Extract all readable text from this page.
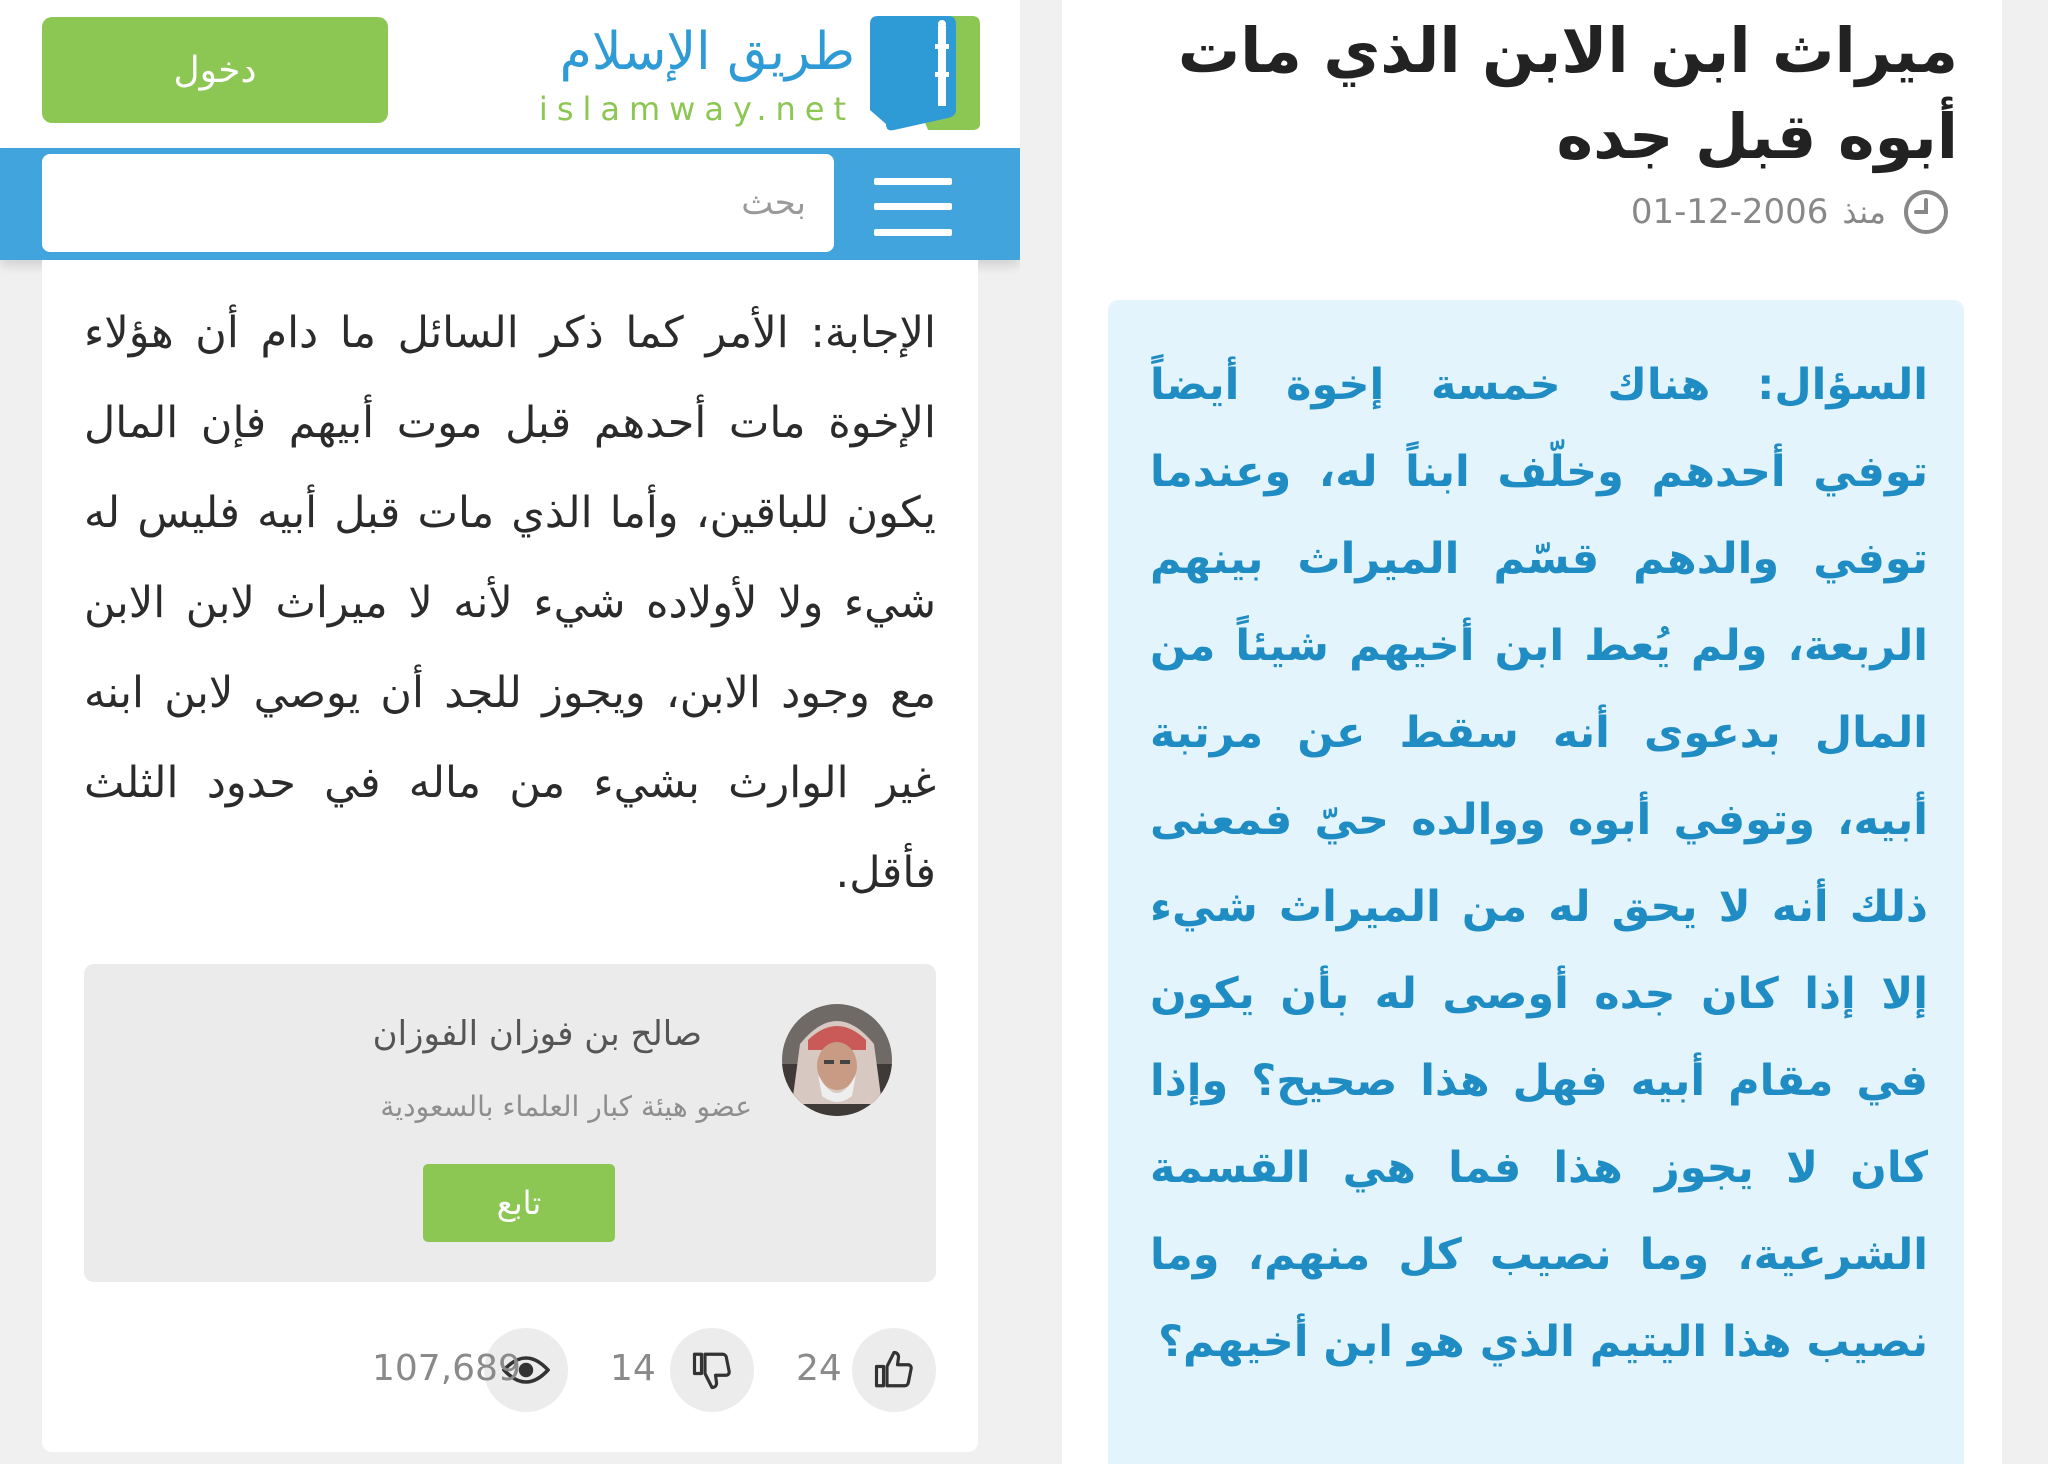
دخول	طريق الإسلام
islamway.net
بحث

الإجابة: الأمر كما ذكر السائل ما دام أن هؤلاء الإخوة مات أحدهم قبل موت أبيهم فإن المال يكون للباقين، وأما الذي مات قبل أبيه فليس له شيء ولا لأولاده شيء لأنه لا ميراث لابن الابن مع وجود الابن، ويجوز للجد أن يوصي لابن ابنه غير الوارث بشيء من ماله في حدود الثلث فأقل.

صالح بن فوزان الفوزان
عضو هيئة كبار العلماء بالسعودية
تابع
24
14
107,689
ميراث ابن الابن الذي مات أبوه قبل جده
منذ
01-12-2006

السؤال: هناك خمسة إخوة أيضاً توفي أحدهم وخلّف ابناً له، وعندما توفي والدهم قسّم الميراث بينهم الربعة، ولم يُعط ابن أخيهم شيئاً من المال بدعوى أنه سقط عن مرتبة أبيه، وتوفي أبوه ووالده حيّ فمعنى ذلك أنه لا يحق له من الميراث شيء إلا إذا كان جده أوصى له بأن يكون في مقام أبيه فهل هذا صحيح؟ وإذا كان لا يجوز هذا فما هي القسمة الشرعية، وما نصيب كل منهم، وما نصيب هذا اليتيم الذي هو ابن أخيهم؟
